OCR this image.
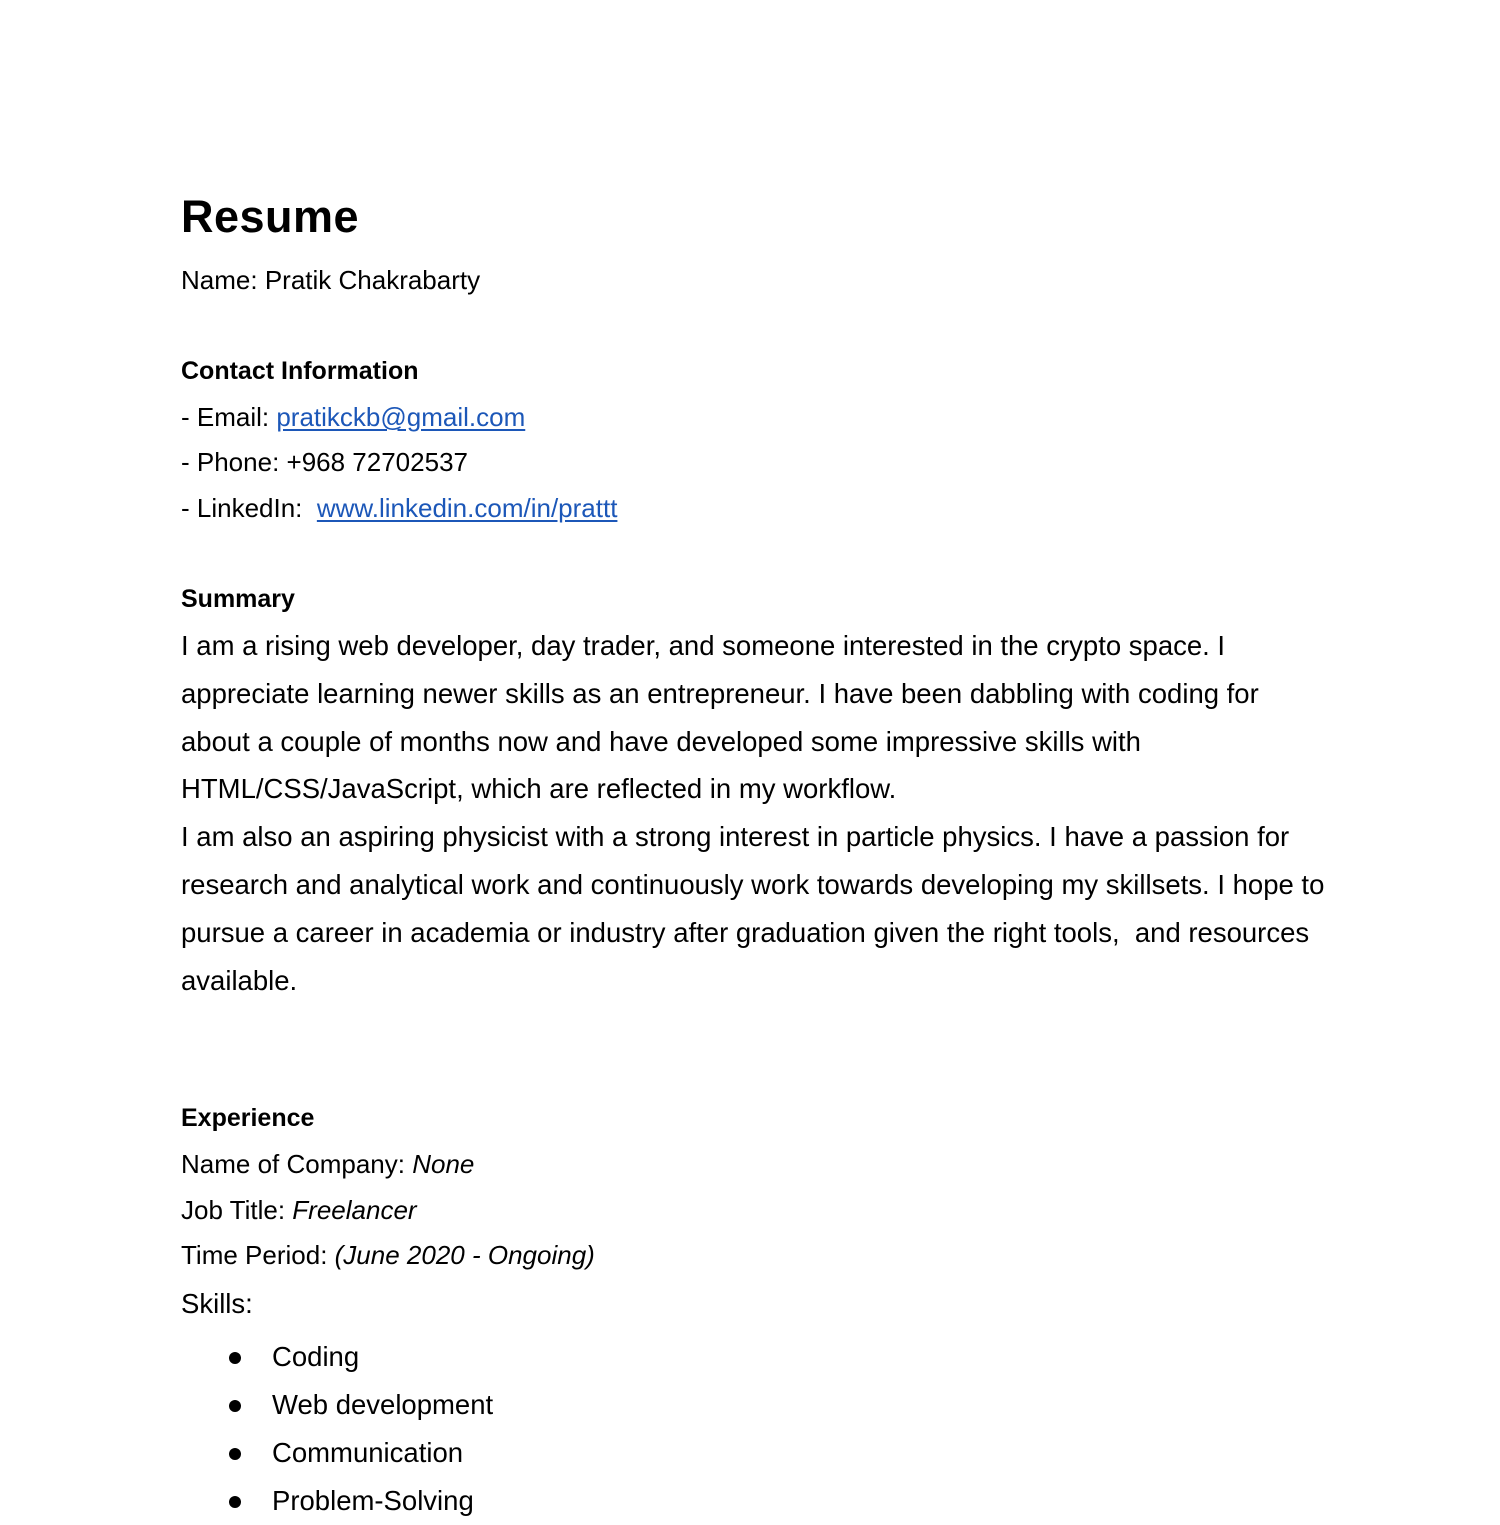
Resume
Name: Pratik Chakrabarty
Contact Information
- Email: pratikckb@gmail.com
- Phone: +968 72702537
- LinkedIn:  www.linkedin.com/in/prattt
Summary

I am a rising web developer, day trader, and someone interested in the crypto space. I appreciate learning newer skills as an entrepreneur. I have been dabbling with coding for about a couple of months now and have developed some impressive skills with HTML/CSS/JavaScript, which are reflected in my workflow.

I am also an aspiring physicist with a strong interest in particle physics. I have a passion for research and analytical work and continuously work towards developing my skillsets. I hope to pursue a career in academia or industry after graduation given the right tools,  and resources available.

Experience
Name of Company: None
Job Title: Freelancer
Time Period: (June 2020 - Ongoing)
Skills:
Coding
Web development
Communication
Problem-Solving
